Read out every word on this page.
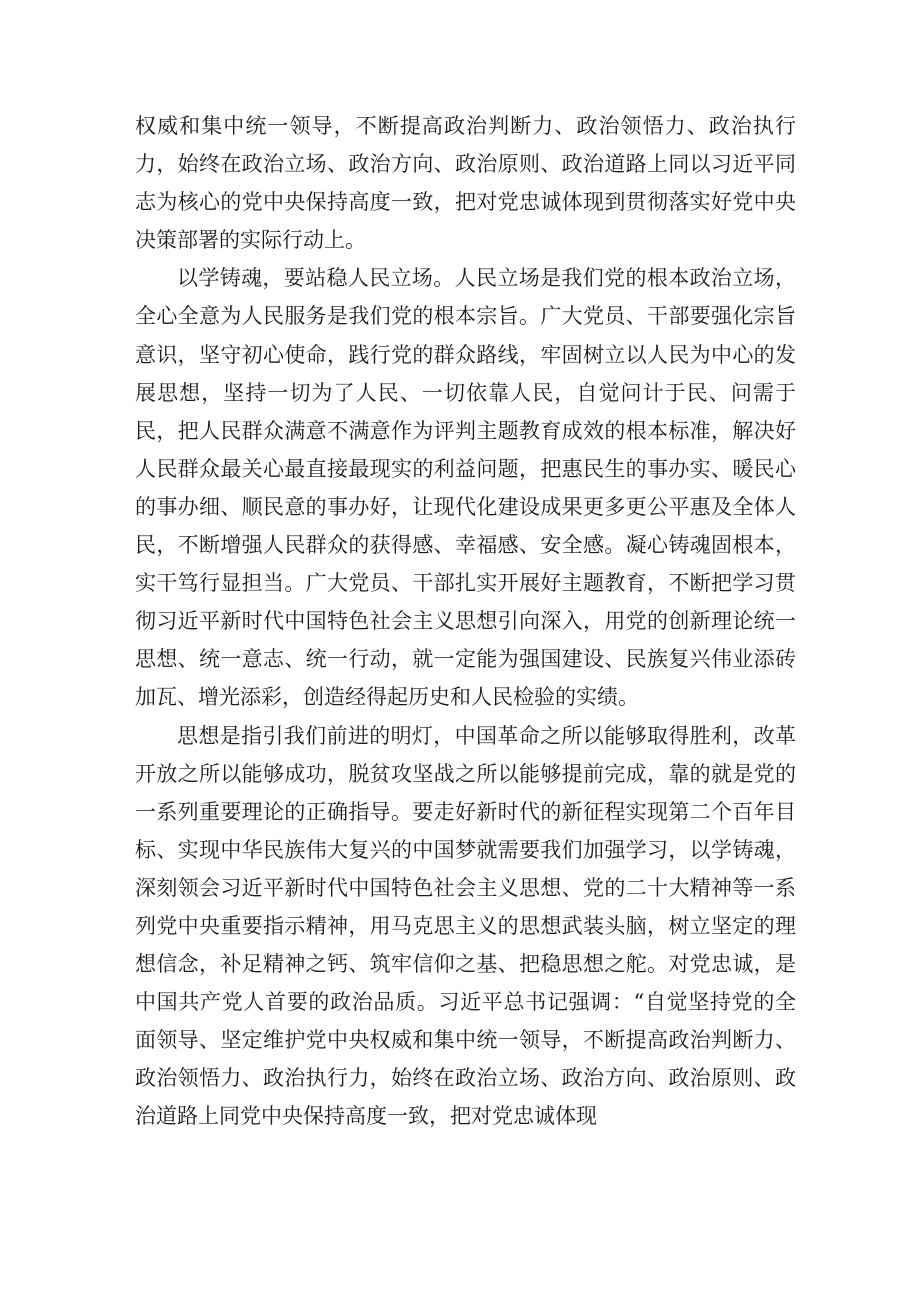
权威和集中统一领导，不断提高政治判断力、政治领悟力、政治执行力，始终在政治立场、政治方向、政治原则、政治道路上同以习近平同志为核心的党中央保持高度一致，把对党忠诚体现到贯彻落实好党中央决策部署的实际行动上。

以学铸魂，要站稳人民立场。人民立场是我们党的根本政治立场，全心全意为人民服务是我们党的根本宗旨。广大党员、干部要强化宗旨意识，坚守初心使命，践行党的群众路线，牢固树立以人民为中心的发展思想，坚持一切为了人民、一切依靠人民，自觉问计于民、问需于民，把人民群众满意不满意作为评判主题教育成效的根本标准，解决好人民群众最关心最直接最现实的利益问题，把惠民生的事办实、暖民心的事办细、顺民意的事办好，让现代化建设成果更多更公平惠及全体人民，不断增强人民群众的获得感、幸福感、安全感。凝心铸魂固根本，实干笃行显担当。广大党员、干部扎实开展好主题教育，不断把学习贯彻习近平新时代中国特色社会主义思想引向深入，用党的创新理论统一思想、统一意志、统一行动，就一定能为强国建设、民族复兴伟业添砖加瓦、增光添彩，创造经得起历史和人民检验的实绩。

思想是指引我们前进的明灯，中国革命之所以能够取得胜利，改革开放之所以能够成功，脱贫攻坚战之所以能够提前完成，靠的就是党的一系列重要理论的正确指导。要走好新时代的新征程实现第二个百年目标、实现中华民族伟大复兴的中国梦就需要我们加强学习，以学铸魂，深刻领会习近平新时代中国特色社会主义思想、党的二十大精神等一系列党中央重要指示精神，用马克思主义的思想武装头脑，树立坚定的理想信念，补足精神之钙、筑牢信仰之基、把稳思想之舵。对党忠诚，是中国共产党人首要的政治品质。习近平总书记强调：“自觉坚持党的全面领导、坚定维护党中央权威和集中统一领导，不断提高政治判断力、政治领悟力、政治执行力，始终在政治立场、政治方向、政治原则、政治道路上同党中央保持高度一致，把对党忠诚体现
